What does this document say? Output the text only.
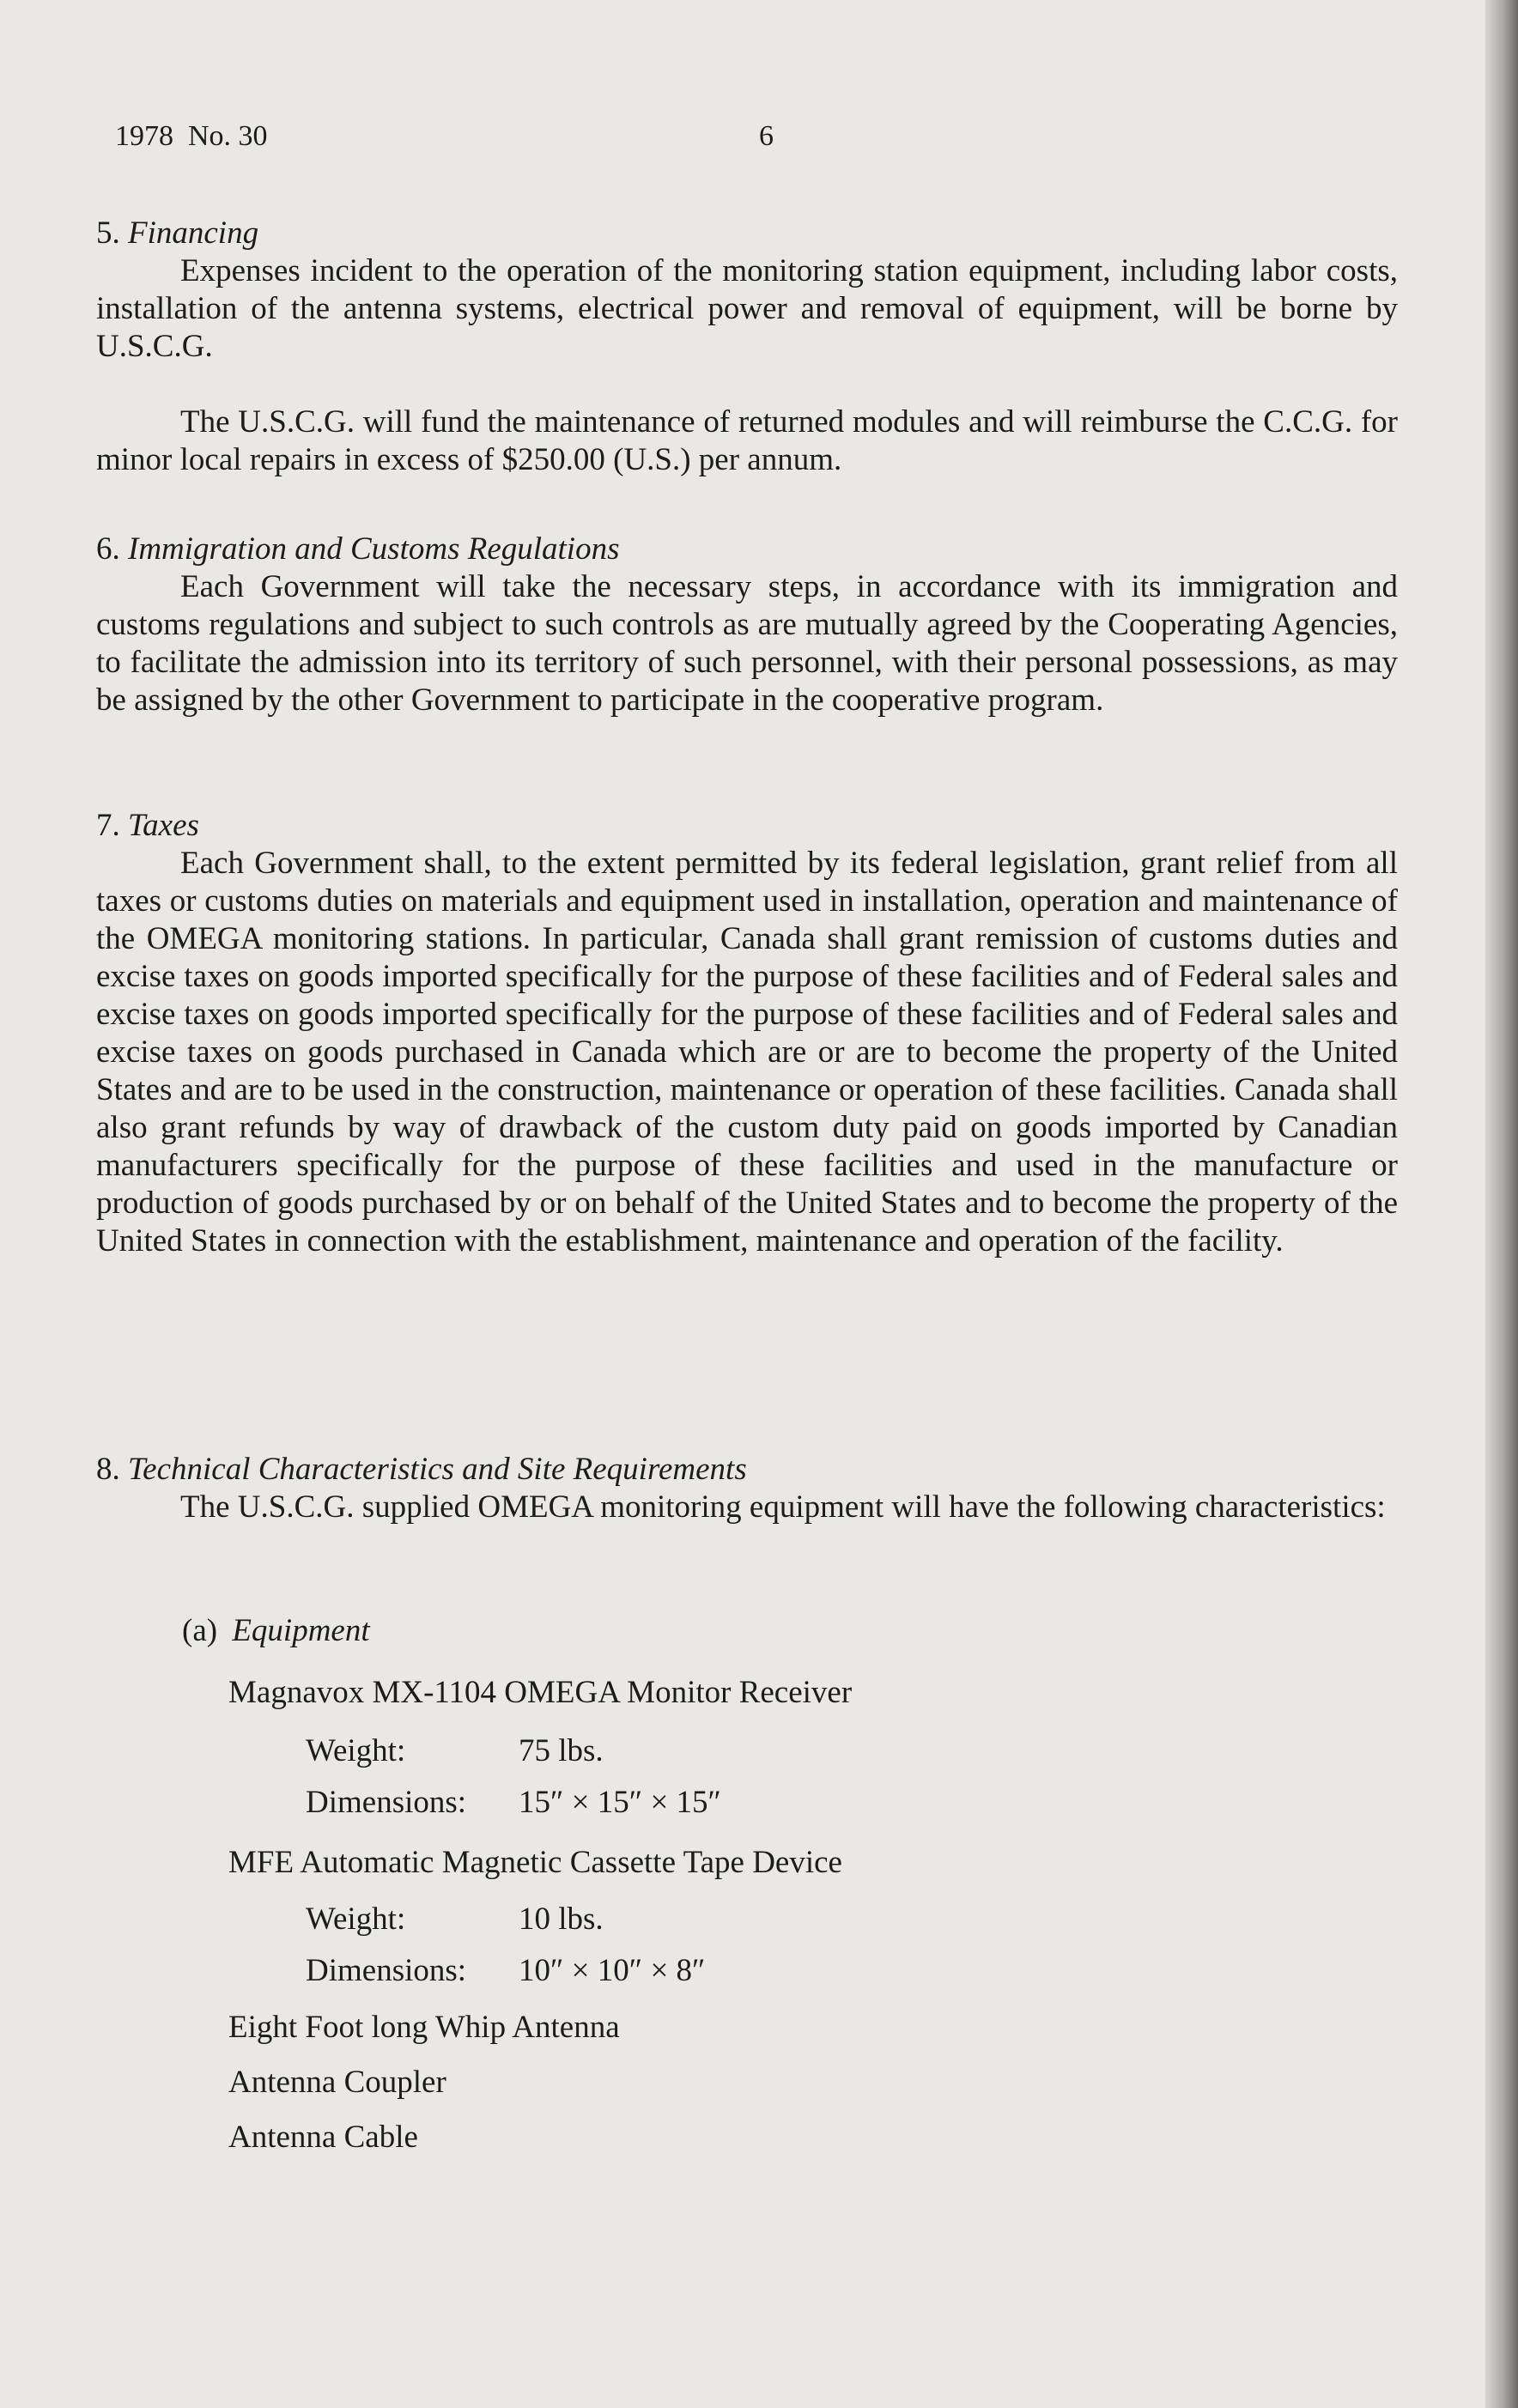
1978  No. 30	6
5. Financing

Expenses incident to the operation of the monitoring station equipment, including labor costs, installation of the antenna systems, electrical power and removal of equipment, will be borne by U.S.C.G.

The U.S.C.G. will fund the maintenance of returned modules and will reimburse the C.C.G. for minor local repairs in excess of $250.00 (U.S.) per annum.

6. Immigration and Customs Regulations

Each Government will take the necessary steps, in accordance with its immigration and customs regulations and subject to such controls as are mutually agreed by the Cooperating Agencies, to facilitate the admission into its territory of such personnel, with their personal possessions, as may be assigned by the other Government to participate in the cooperative program.

7. Taxes

Each Government shall, to the extent permitted by its federal legislation, grant relief from all taxes or customs duties on materials and equipment used in installation, operation and maintenance of the OMEGA monitoring stations. In particular, Canada shall grant remission of customs duties and excise taxes on goods imported specifically for the purpose of these facilities and of Federal sales and excise taxes on goods imported specifically for the purpose of these facilities and of Federal sales and excise taxes on goods purchased in Canada which are or are to become the property of the United States and are to be used in the construction, maintenance or operation of these facilities. Canada shall also grant refunds by way of drawback of the custom duty paid on goods imported by Canadian manufacturers specifically for the purpose of these facilities and used in the manufacture or production of goods purchased by or on behalf of the United States and to become the property of the United States in connection with the establishment, maintenance and operation of the facility.

8. Technical Characteristics and Site Requirements

The U.S.C.G. supplied OMEGA monitoring equipment will have the following characteristics:

(a) Equipment
Magnavox MX-1104 OMEGA Monitor Receiver
Weight:	75 lbs.
Dimensions: 15″ × 15″ × 15″
MFE Automatic Magnetic Cassette Tape Device
Weight:	10 lbs.
Dimensions: 10″ × 10″ × 8″
Eight Foot long Whip Antenna
Antenna Coupler
Antenna Cable
